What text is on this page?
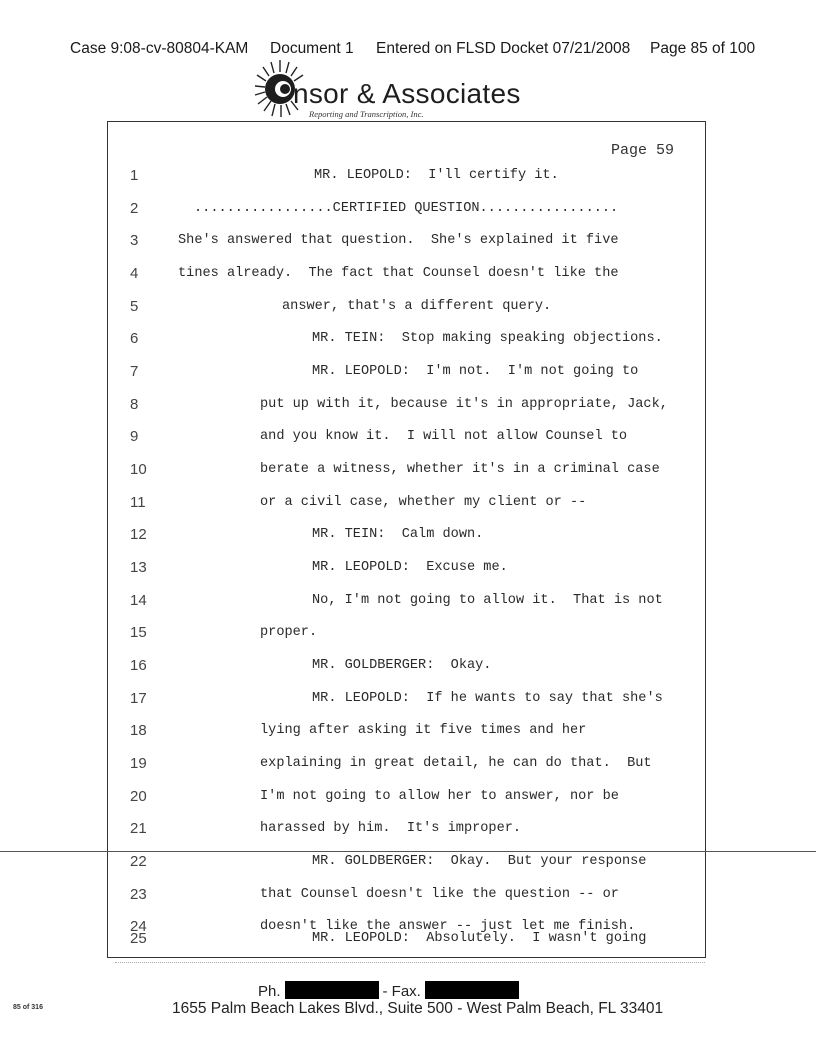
Case 9:08-cv-80804-KAM Document 1 Entered on FLSD Docket 07/21/2008 Page 85 of 100
nsor & Associates
Reporting and Transcription, Inc.
Page 59
1	MR. LEOPOLD:  I'll certify it.
2	.................CERTIFIED QUESTION.................
3	She's answered that question.  She's explained it five
4	tines already.  The fact that Counsel doesn't like the
5	answer, that's a different query.
6	MR. TEIN:  Stop making speaking objections.
7	MR. LEOPOLD:  I'm not.  I'm not going to
8	put up with it, because it's in appropriate, Jack,
9	and you know it.  I will not allow Counsel to
10	berate a witness, whether it's in a criminal case
11	or a civil case, whether my client or --
12	MR. TEIN:  Calm down.
13	MR. LEOPOLD:  Excuse me.
14	No, I'm not going to allow it.  That is not
15	proper.
16	MR. GOLDBERGER:  Okay.
17	MR. LEOPOLD:  If he wants to say that she's
18	lying after asking it five times and her
19	explaining in great detail, he can do that.  But
20	I'm not going to allow her to answer, nor be
21	harassed by him.  It's improper.
22	MR. GOLDBERGER:  Okay.  But your response
23	that Counsel doesn't like the question -- or
24	doesn't like the answer -- just let me finish.
25	MR. LEOPOLD:  Absolutely.  I wasn't going
Ph.	- Fax.
1655 Palm Beach Lakes Blvd., Suite 500 - West Palm Beach, FL 33401
85 of 316
